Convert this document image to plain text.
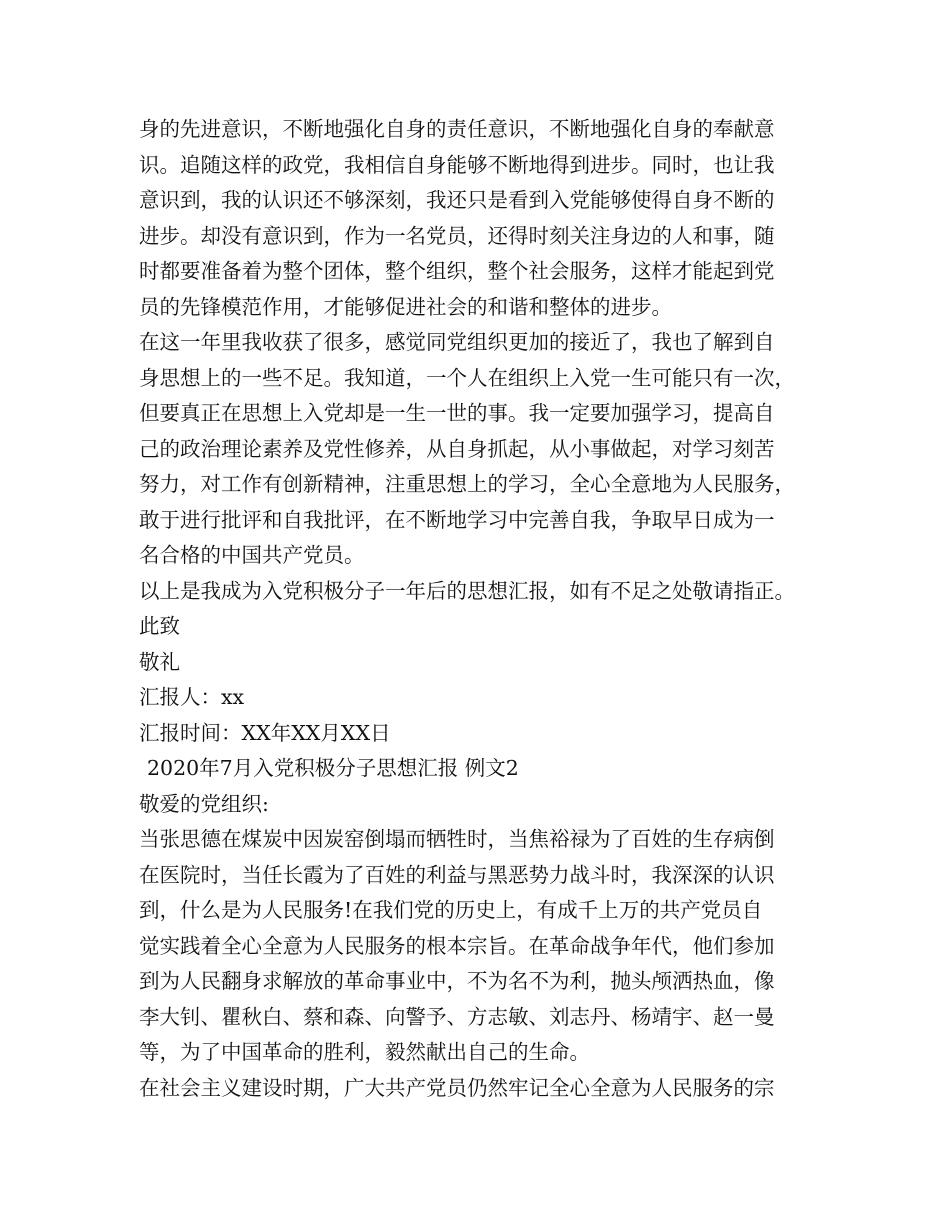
身的先进意识，不断地强化自身的责任意识，不断地强化自身的奉献意
识。追随这样的政党，我相信自身能够不断地得到进步。同时，也让我
意识到，我的认识还不够深刻，我还只是看到入党能够使得自身不断的
进步。却没有意识到，作为一名党员，还得时刻关注身边的人和事，随
时都要准备着为整个团体，整个组织，整个社会服务，这样才能起到党
员的先锋模范作用，才能够促进社会的和谐和整体的进步。
在这一年里我收获了很多，感觉同党组织更加的接近了，我也了解到自
身思想上的一些不足。我知道，一个人在组织上入党一生可能只有一次，
但要真正在思想上入党却是一生一世的事。我一定要加强学习，提高自
己的政治理论素养及党性修养，从自身抓起，从小事做起，对学习刻苦
努力，对工作有创新精神，注重思想上的学习，全心全意地为人民服务，
敢于进行批评和自我批评，在不断地学习中完善自我，争取早日成为一
名合格的中国共产党员。
以上是我成为入党积极分子一年后的思想汇报，如有不足之处敬请指正。
此致
敬礼
汇报人：xx
汇报时间：XX年XX月XX日
2020年7月入党积极分子思想汇报 例文2
敬爱的党组织:
当张思德在煤炭中因炭窑倒塌而牺牲时，当焦裕禄为了百姓的生存病倒
在医院时，当任长霞为了百姓的利益与黑恶势力战斗时，我深深的认识
到，什么是为人民服务!在我们党的历史上，有成千上万的共产党员自
觉实践着全心全意为人民服务的根本宗旨。在革命战争年代，他们参加
到为人民翻身求解放的革命事业中，不为名不为利，抛头颅洒热血，像
李大钊、瞿秋白、蔡和森、向警予、方志敏、刘志丹、杨靖宇、赵一曼
等，为了中国革命的胜利，毅然献出自己的生命。
在社会主义建设时期，广大共产党员仍然牢记全心全意为人民服务的宗
